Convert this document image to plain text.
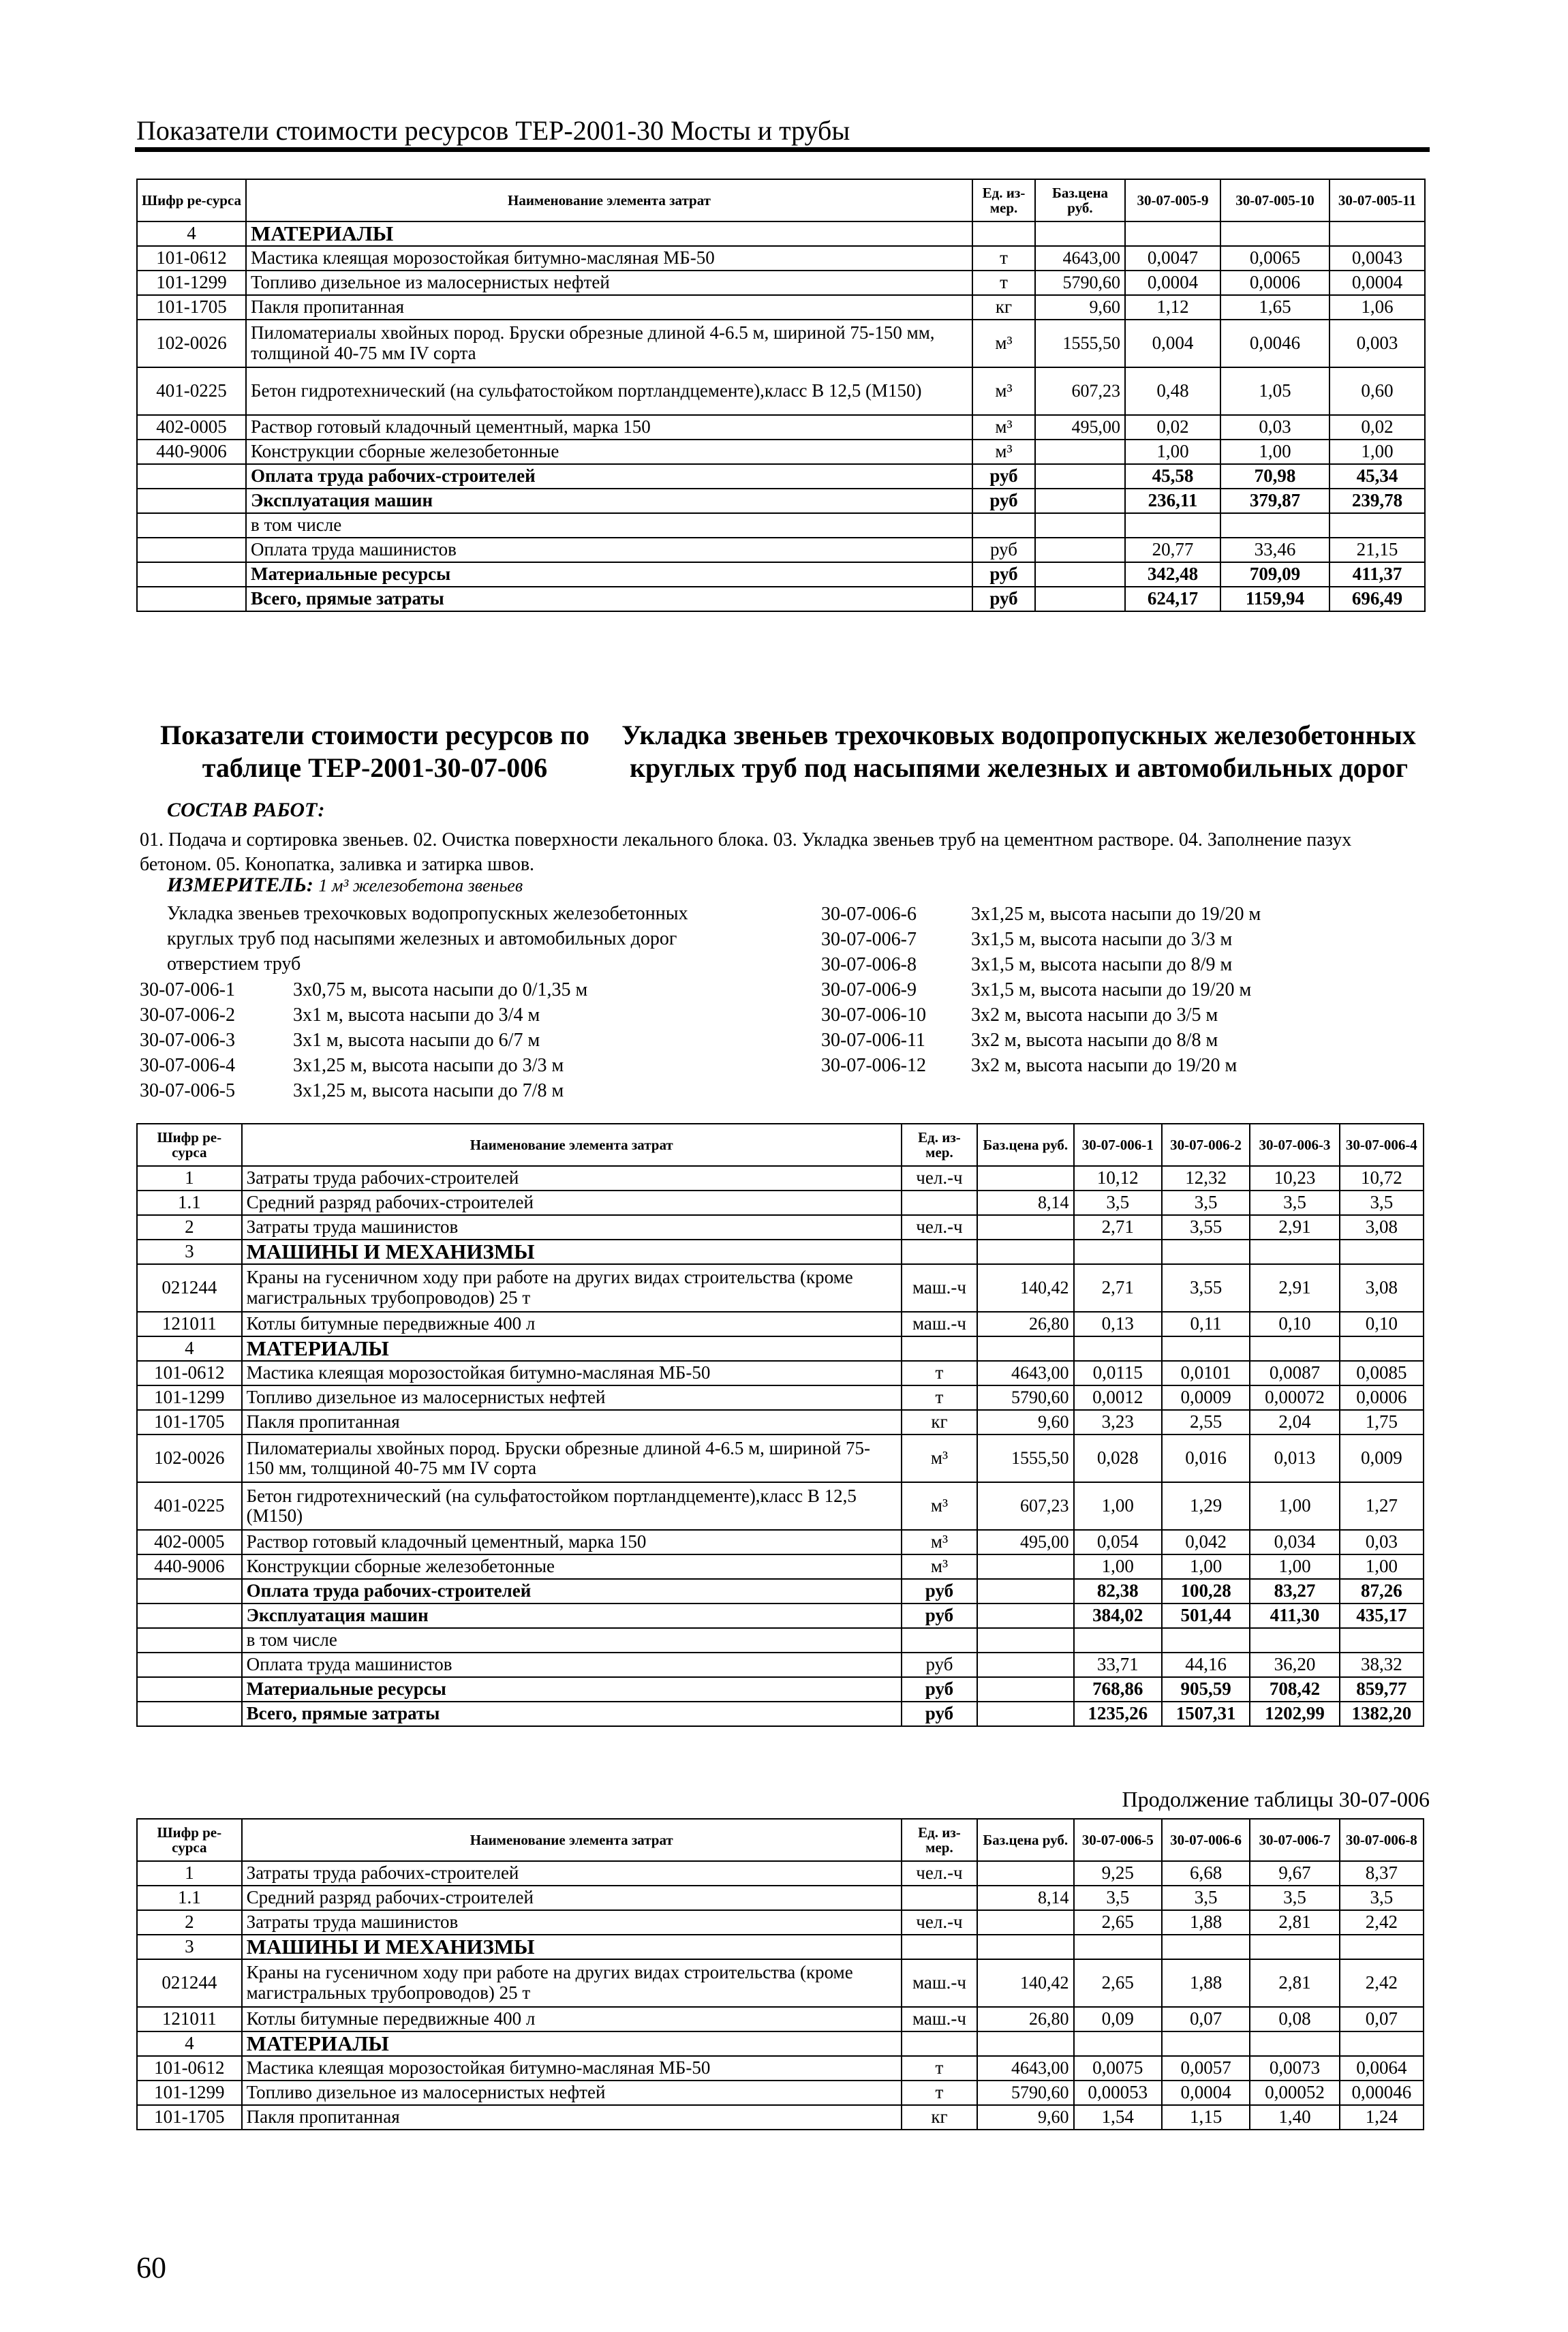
Показатели стоимости ресурсов ТЕР-2001-30 Мосты и трубы
Шифр ре-сурса	Наименование элемента затрат	Ед. из-мер.	Баз.цена руб.	30-07-005-9	30-07-005-10	30-07-005-11
4	МАТЕРИАЛЫ					
101-0612	Мастика клеящая морозостойкая битумно-масляная МБ-50	т	4643,00	0,0047	0,0065	0,0043
101-1299	Топливо дизельное из малосернистых нефтей	т	5790,60	0,0004	0,0006	0,0004
101-1705	Пакля пропитанная	кг	9,60	1,12	1,65	1,06
102-0026	Пиломатериалы хвойных пород. Бруски обрезные длиной 4-6.5 м, шириной 75-150 мм, толщиной 40-75 мм IV сорта	м³	1555,50	0,004	0,0046	0,003
401-0225	Бетон гидротехнический (на сульфатостойком портландцементе),класс В 12,5 (М150)	м³	607,23	0,48	1,05	0,60
402-0005	Раствор готовый кладочный цементный, марка 150	м³	495,00	0,02	0,03	0,02
440-9006	Конструкции сборные железобетонные	м³		1,00	1,00	1,00
	Оплата труда рабочих-строителей	руб		45,58	70,98	45,34
	Эксплуатация машин	руб		236,11	379,87	239,78
	в том числе					
	Оплата труда машинистов	руб		20,77	33,46	21,15
	Материальные ресурсы	руб		342,48	709,09	411,37
	Всего, прямые затраты	руб		624,17	1159,94	696,49
Показатели стоимости ресурсов по таблице ТЕР-2001-30-07-006
Укладка звеньев трехочковых водопропускных железобетонных круглых труб под насыпями железных и автомобильных дорог
СОСТАВ РАБОТ:
01. Подача и сортировка звеньев. 02. Очистка поверхности лекального блока. 03. Укладка звеньев труб на цементном растворе. 04. Заполнение пазух бетоном. 05. Конопатка, заливка и затирка швов.
ИЗМЕРИТЕЛЬ: 1 м³ железобетона звеньев
Укладка звеньев трехочковых водопропускных железобетонных круглых труб под насыпями железных и автомобильных дорог отверстием труб
30-07-006-1	3х0,75 м, высота насыпи до 0/1,35 м
30-07-006-2	3х1 м, высота насыпи до 3/4 м
30-07-006-3	3х1 м, высота насыпи до 6/7 м
30-07-006-4	3х1,25 м, высота насыпи до 3/3 м
30-07-006-5	3х1,25 м, высота насыпи до 7/8 м
30-07-006-6	3х1,25 м, высота насыпи до 19/20 м
30-07-006-7	3х1,5 м, высота насыпи до 3/3 м
30-07-006-8	3х1,5 м, высота насыпи до 8/9 м
30-07-006-9	3х1,5 м, высота насыпи до 19/20 м
30-07-006-10 3х2 м, высота насыпи до 3/5 м
30-07-006-11 3х2 м, высота насыпи до 8/8 м
30-07-006-12 3х2 м, высота насыпи до 19/20 м
Шифр ре-сурса	Наименование элемента затрат	Ед. из-мер.	Баз.цена руб.	30-07-006-1	30-07-006-2	30-07-006-3	30-07-006-4
1	Затраты труда рабочих-строителей	чел.-ч		10,12	12,32	10,23	10,72
1.1	Средний разряд рабочих-строителей		8,14	3,5	3,5	3,5	3,5
2	Затраты труда машинистов	чел.-ч		2,71	3,55	2,91	3,08
3	МАШИНЫ И МЕХАНИЗМЫ						
021244	Краны на гусеничном ходу при работе на других видах строительства (кроме магистральных трубопроводов) 25 т	маш.-ч	140,42	2,71	3,55	2,91	3,08
121011	Котлы битумные передвижные 400 л	маш.-ч	26,80	0,13	0,11	0,10	0,10
4	МАТЕРИАЛЫ						
101-0612	Мастика клеящая морозостойкая битумно-масляная МБ-50	т	4643,00	0,0115	0,0101	0,0087	0,0085
101-1299	Топливо дизельное из малосернистых нефтей	т	5790,60	0,0012	0,0009	0,00072	0,0006
101-1705	Пакля пропитанная	кг	9,60	3,23	2,55	2,04	1,75
102-0026	Пиломатериалы хвойных пород. Бруски обрезные длиной 4-6.5 м, шириной 75-150 мм, толщиной 40-75 мм IV сорта	м³	1555,50	0,028	0,016	0,013	0,009
401-0225	Бетон гидротехнический (на сульфатостойком портландцементе),класс В 12,5 (М150)	м³	607,23	1,00	1,29	1,00	1,27
402-0005	Раствор готовый кладочный цементный, марка 150	м³	495,00	0,054	0,042	0,034	0,03
440-9006	Конструкции сборные железобетонные	м³		1,00	1,00	1,00	1,00
	Оплата труда рабочих-строителей	руб		82,38	100,28	83,27	87,26
	Эксплуатация машин	руб		384,02	501,44	411,30	435,17
	в том числе						
	Оплата труда машинистов	руб		33,71	44,16	36,20	38,32
	Материальные ресурсы	руб		768,86	905,59	708,42	859,77
	Всего, прямые затраты	руб		1235,26	1507,31	1202,99	1382,20
Продолжение таблицы 30-07-006
Шифр ре-сурса	Наименование элемента затрат	Ед. из-мер.	Баз.цена руб.	30-07-006-5	30-07-006-6	30-07-006-7	30-07-006-8
1	Затраты труда рабочих-строителей	чел.-ч		9,25	6,68	9,67	8,37
1.1	Средний разряд рабочих-строителей		8,14	3,5	3,5	3,5	3,5
2	Затраты труда машинистов	чел.-ч		2,65	1,88	2,81	2,42
3	МАШИНЫ И МЕХАНИЗМЫ						
021244	Краны на гусеничном ходу при работе на других видах строительства (кроме магистральных трубопроводов) 25 т	маш.-ч	140,42	2,65	1,88	2,81	2,42
121011	Котлы битумные передвижные 400 л	маш.-ч	26,80	0,09	0,07	0,08	0,07
4	МАТЕРИАЛЫ						
101-0612	Мастика клеящая морозостойкая битумно-масляная МБ-50	т	4643,00	0,0075	0,0057	0,0073	0,0064
101-1299	Топливо дизельное из малосернистых нефтей	т	5790,60	0,00053	0,0004	0,00052	0,00046
101-1705	Пакля пропитанная	кг	9,60	1,54	1,15	1,40	1,24
60
